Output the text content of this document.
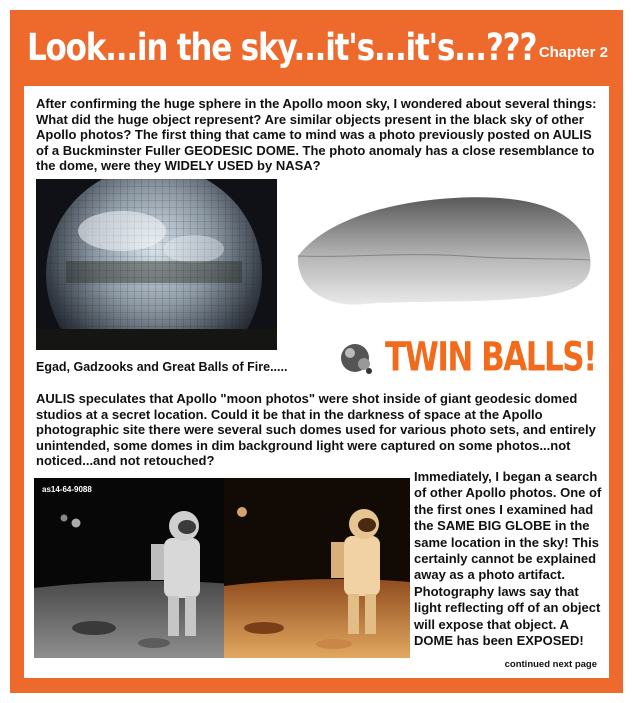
Look...in the sky...it's...it's...??? Chapter 2

After confirming the huge sphere in the Apollo moon sky, I wondered about several things: What did the huge object represent? Are similar objects present in the black sky of other Apollo photos? The first thing that came to mind was a photo previously posted on AULIS of a Buckminster Fuller GEODESIC DOME. The photo anomaly has a close resemblance to the dome, were they WIDELY USED by NASA?

Egad, Gadzooks and Great Balls of Fire.....	TWIN BALLS!

AULIS speculates that Apollo "moon photos" were shot inside of giant geodesic domed studios at a secret location. Could it be that in the darkness of space at the Apollo photographic site there were several such domes used for various photo sets, and entirely unintended, some domes in dim background light were captured on some photos...not noticed...and not retouched?

as14-64-9088

Immediately, I began a search of other Apollo photos. One of the first ones I examined had the SAME BIG GLOBE in the same location in the sky! This certainly cannot be explained away as a photo artifact. Photography laws say that light reflecting off of an object will expose that object. A DOME has been EXPOSED!

continued next page
